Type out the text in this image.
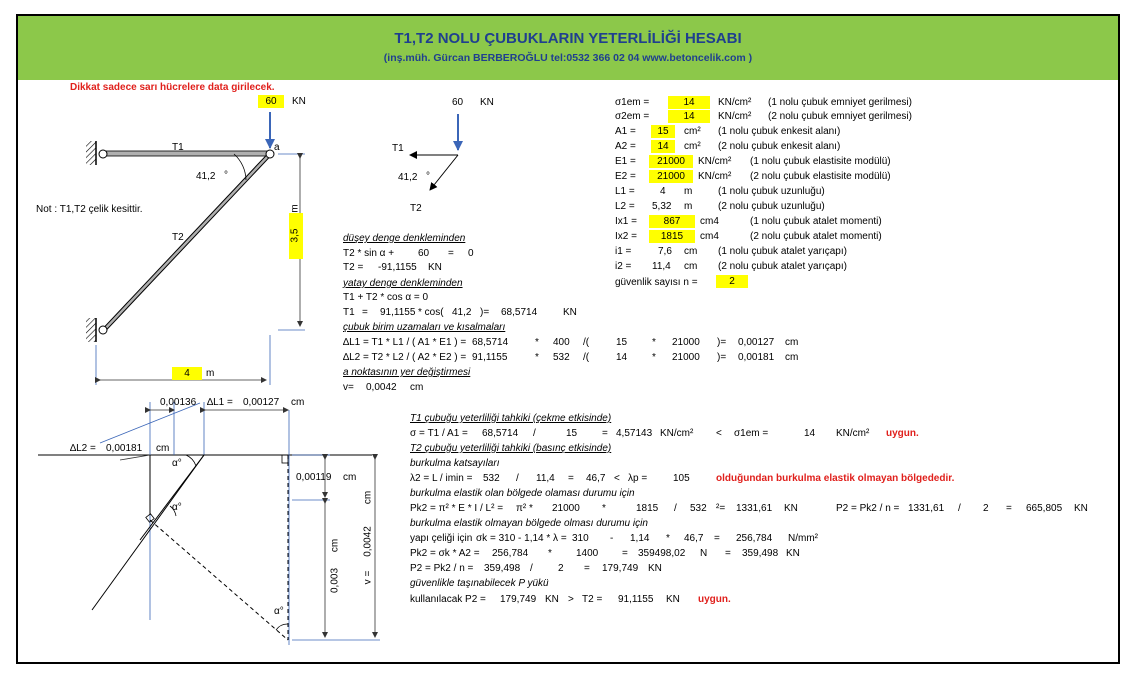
T1,T2 NOLU ÇUBUKLARIN YETERLİLİĞİ HESABI
(inş.müh. Gürcan BERBEROĞLU tel:0532 366 02 04 www.betoncelik.com )
Dikkat sadece sarı hücrelere data girilecek.
Not : T1,T2 çelik kesittir.
60	KN
T1
T2
a
41,2 °
3,5
m
4	m
60 KN
T1
41,2 °
T2
düşey denge denkleminden
T2 * sin α + 60 = 0
T2 = -91,1155 KN
yatay denge denkleminden
T1 + T2 * cos α = 0
T1 = 91,1155 * cos( 41,2 )= 68,5714	KN
çubuk birim uzamaları ve kısalmaları
∆L1 = T1 * L1 / ( A1 * E1 ) = 68,5714	* 400 /(	15 * 21000 )= 0,00127 cm
∆L2 = T2 * L2 / ( A2 * E2 ) = 91,1155	* 532 /(	14 * 21000 )= 0,00181 cm
a noktasının yer değiştirmesi
v= 0,0042 cm
σ1em =	14	KN/cm² (1 nolu çubuk emniyet gerilmesi)
σ2em =	14	KN/cm² (2 nolu çubuk emniyet gerilmesi)
A1 =	15	cm² (1 nolu çubuk enkesit alanı)
A2 =	14	cm² (2 nolu çubuk enkesit alanı)
E1 =	21000	KN/cm² (1 nolu çubuk elastisite modülü)
E2 =	21000	KN/cm² (2 nolu çubuk elastisite modülü)
L1 =	4 m	(1 nolu çubuk uzunluğu)
L2 = 5,32 m	(2 nolu çubuk uzunluğu)
Ix1 =	867	cm4	(1 nolu çubuk atalet momenti)
Ix2 =	1815	cm4	(2 nolu çubuk atalet momenti)
i1 =	7,6 cm (1 nolu çubuk atalet yarıçapı)
i2 = 11,4 cm (2 nolu çubuk atalet yarıçapı)
güvenlik sayısı n =	2
0,00136 ∆L1 = 0,00127 cm
∆L2 = 0,00181 cm
α°
α°
α°
0,00119 cm
0,003
cm
v =
0,0042
cm
T1 çubuğu yeterliliği tahkiki (çekme etkisinde)
σ = T1 / A1 = 68,5714 /	15 = 4,57143 KN/cm² < σ1em =	14 KN/cm² uygun.
T2 çubuğu yeterliliği tahkiki (basınç etkisinde)
burkulma katsayıları
λ2 = L / imin = 532 / 11,4 = 46,7 < λp =	105	olduğundan burkulma elastik olmayan bölgededir.
burkulma elastik olan bölgede olaması durumu için
Pk2 = π² * E * I / L² = π² * 21000 *	1815 / 532 ²= 1331,61 KN	P2 = Pk2 / n = 1331,61 / 2 = 665,805 KN
burkulma elastik olmayan bölgede olması durumu için
yapı çeliği için σk = 310 - 1,14 * λ = 310 - 1,14 * 46,7 = 256,784 N/mm²
Pk2 = σk * A2 = 256,784 * 1400 = 359498,02 N = 359,498 KN
P2 = Pk2 / n = 359,498 /	2 = 179,749 KN
güvenlikle taşınabilecek P yükü
kullanılacak P2 = 179,749 KN > T2 = 91,1155 KN uygun.
